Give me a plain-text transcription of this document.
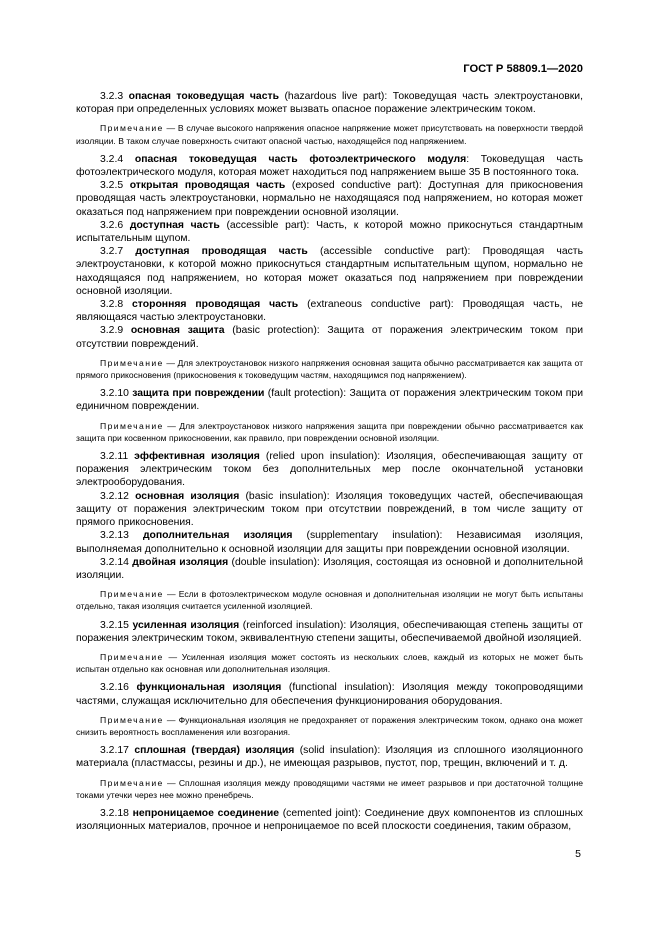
ГОСТ Р 58809.1—2020

3.2.3 опасная токоведущая часть (hazardous live part): Токоведущая часть электроустановки, которая при определенных условиях может вызвать опасное поражение электрическим током.

Примечание — В случае высокого напряжения опасное напряжение может присутствовать на поверхности твердой изоляции. В таком случае поверхность считают опасной частью, находящейся под напряжением.

3.2.4 опасная токоведущая часть фотоэлектрического модуля: Токоведущая часть фотоэлектрического модуля, которая может находиться под напряжением выше 35 В постоянного тока.

3.2.5 открытая проводящая часть (exposed conductive part): Доступная для прикосновения проводящая часть электроустановки, нормально не находящаяся под напряжением, но которая может оказаться под напряжением при повреждении основной изоляции.

3.2.6 доступная часть (accessible part): Часть, к которой можно прикоснуться стандартным испытательным щупом.

3.2.7 доступная проводящая часть (accessible conductive part): Проводящая часть электроустановки, к которой можно прикоснуться стандартным испытательным щупом, нормально не находящаяся под напряжением, но которая может оказаться под напряжением при повреждении основной изоляции.

3.2.8 сторонняя проводящая часть (extraneous conductive part): Проводящая часть, не являющаяся частью электроустановки.

3.2.9 основная защита (basic protection): Защита от поражения электрическим током при отсутствии повреждений.

Примечание — Для электроустановок низкого напряжения основная защита обычно рассматривается как защита от прямого прикосновения (прикосновения к токоведущим частям, находящимся под напряжением).

3.2.10 защита при повреждении (fault protection): Защита от поражения электрическим током при единичном повреждении.

Примечание — Для электроустановок низкого напряжения защита при повреждении обычно рассматривается как защита при косвенном прикосновении, как правило, при повреждении основной изоляции.

3.2.11 эффективная изоляция (relied upon insulation): Изоляция, обеспечивающая защиту от поражения электрическим током без дополнительных мер после окончательной установки электрооборудования.

3.2.12 основная изоляция (basic insulation): Изоляция токоведущих частей, обеспечивающая защиту от поражения электрическим током при отсутствии повреждений, в том числе защиту от прямого прикосновения.

3.2.13 дополнительная изоляция (supplementary insulation): Независимая изоляция, выполняемая дополнительно к основной изоляции для защиты при повреждении основной изоляции.

3.2.14 двойная изоляция (double insulation): Изоляция, состоящая из основной и дополнительной изоляции.

Примечание — Если в фотоэлектрическом модуле основная и дополнительная изоляции не могут быть испытаны отдельно, такая изоляция считается усиленной изоляцией.

3.2.15 усиленная изоляция (reinforced insulation): Изоляция, обеспечивающая степень защиты от поражения электрическим током, эквивалентную степени защиты, обеспечиваемой двойной изоляцией.

Примечание — Усиленная изоляция может состоять из нескольких слоев, каждый из которых не может быть испытан отдельно как основная или дополнительная изоляция.

3.2.16 функциональная изоляция (functional insulation): Изоляция между токопроводящими частями, служащая исключительно для обеспечения функционирования оборудования.

Примечание — Функциональная изоляция не предохраняет от поражения электрическим током, однако она может снизить вероятность воспламенения или возгорания.

3.2.17 сплошная (твердая) изоляция (solid insulation): Изоляция из сплошного изоляционного материала (пластмассы, резины и др.), не имеющая разрывов, пустот, пор, трещин, включений и т. д.

Примечание — Сплошная изоляция между проводящими частями не имеет разрывов и при достаточной толщине токами утечки через нее можно пренебречь.

3.2.18 непроницаемое соединение (cemented joint): Соединение двух компонентов из сплошных изоляционных материалов, прочное и непроницаемое по всей плоскости соединения, таким образом,

5
